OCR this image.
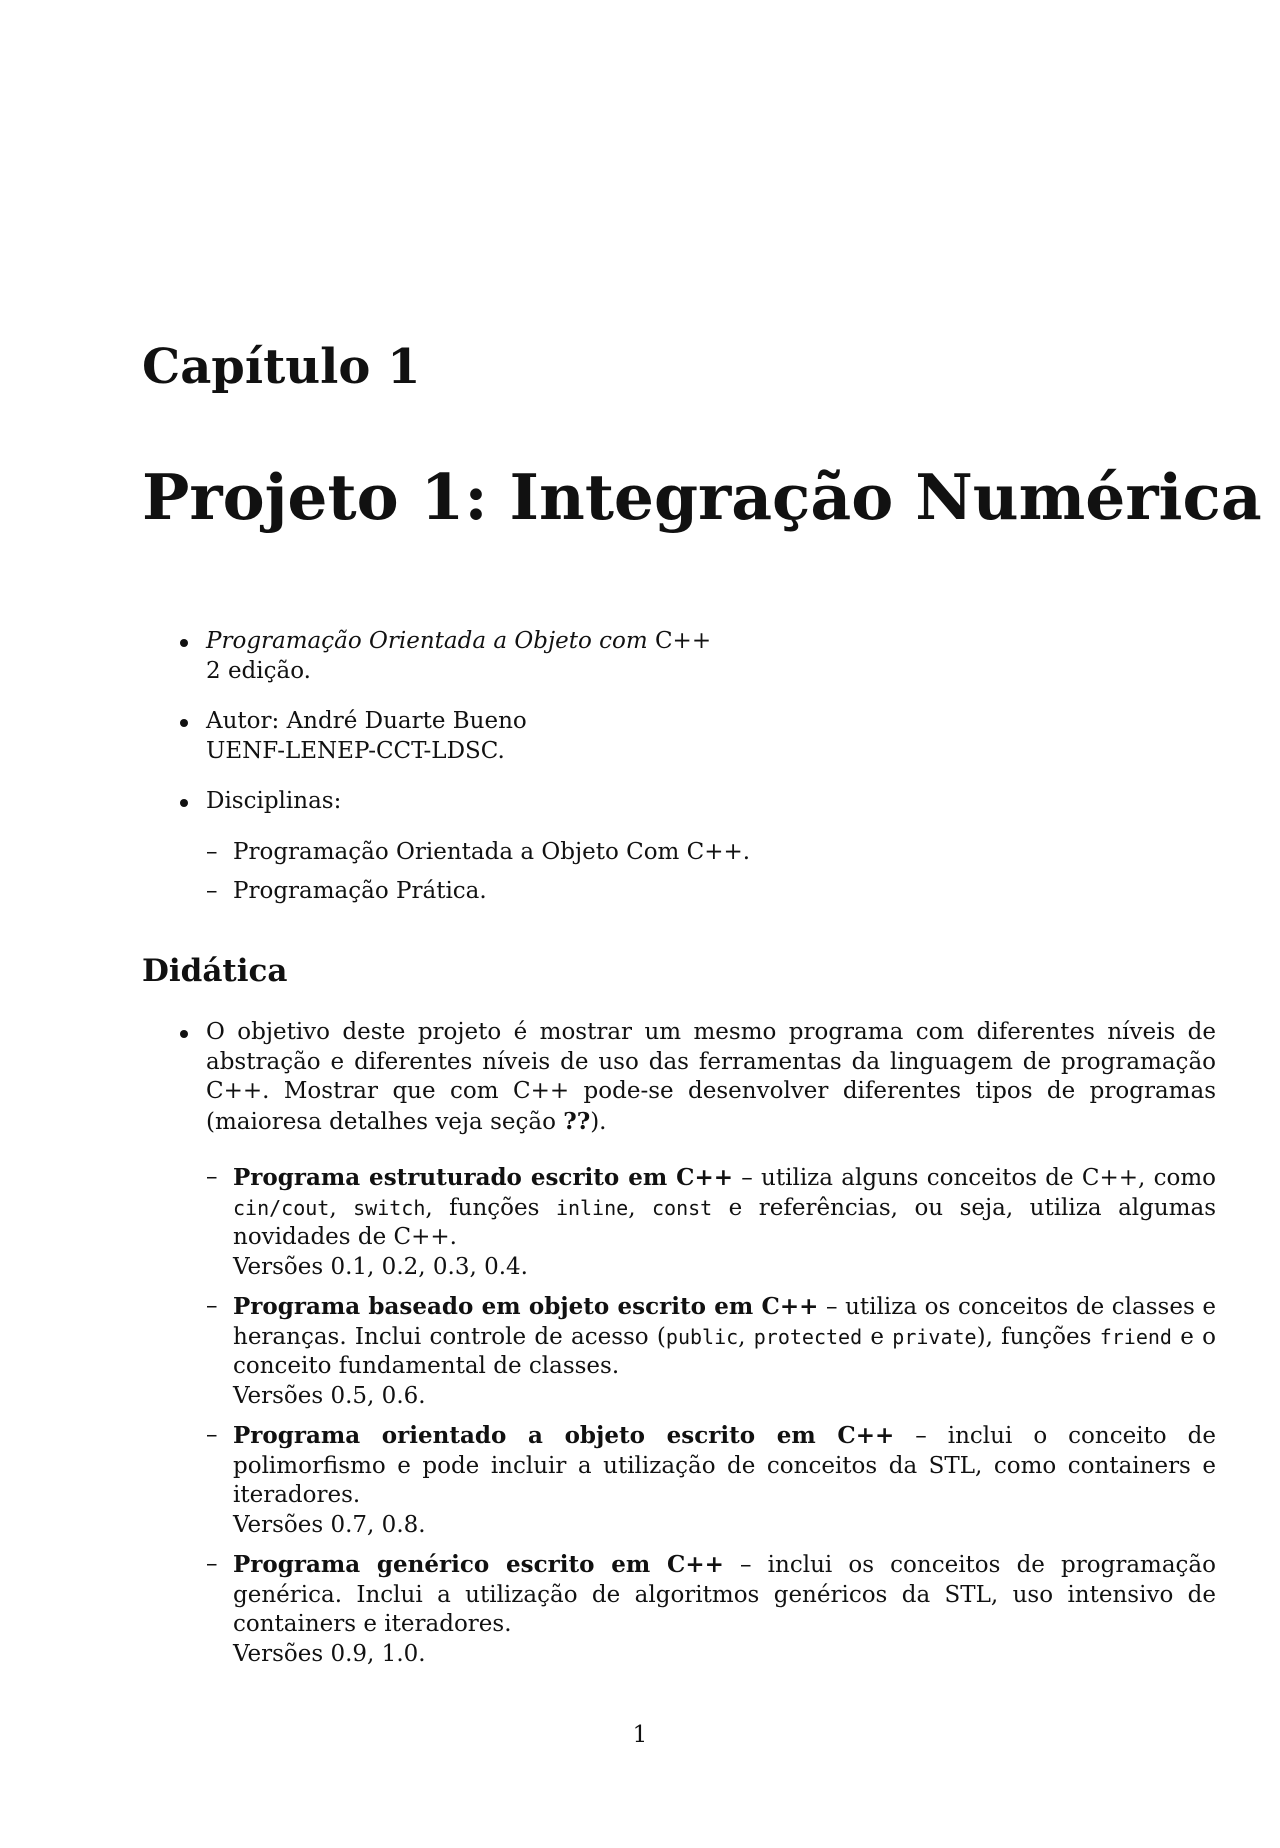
Capítulo 1
Projeto 1: Integração Numérica
Programação Orientada a Objeto com C++
2 edição.
Autor: André Duarte Bueno
UENF-LENEP-CCT-LDSC.
Disciplinas:
– Programação Orientada a Objeto Com C++.
– Programação Prática.
Didática
O objetivo deste projeto é mostrar um mesmo programa com diferentes níveis de abstração e diferentes níveis de uso das ferramentas da linguagem de programação C++. Mostrar que com C++ pode-se desenvolver diferentes tipos de programas (maioresa detalhes veja seção ??).
– Programa estruturado escrito em C++ – utiliza alguns conceitos de C++, como cin/cout, switch, funções inline, const e referências, ou seja, utiliza algumas novidades de C++.
Versões 0.1, 0.2, 0.3, 0.4.
– Programa baseado em objeto escrito em C++ – utiliza os conceitos de classes e heranças. Inclui controle de acesso (public, protected e private), funções friend e o conceito fundamental de classes.
Versões 0.5, 0.6.
– Programa orientado a objeto escrito em C++ – inclui o conceito de polimorfismo e pode incluir a utilização de conceitos da STL, como containers e iteradores.
Versões 0.7, 0.8.
– Programa genérico escrito em C++ – inclui os conceitos de programação genérica. Inclui a utilização de algoritmos genéricos da STL, uso intensivo de containers e iteradores.
Versões 0.9, 1.0.
1
